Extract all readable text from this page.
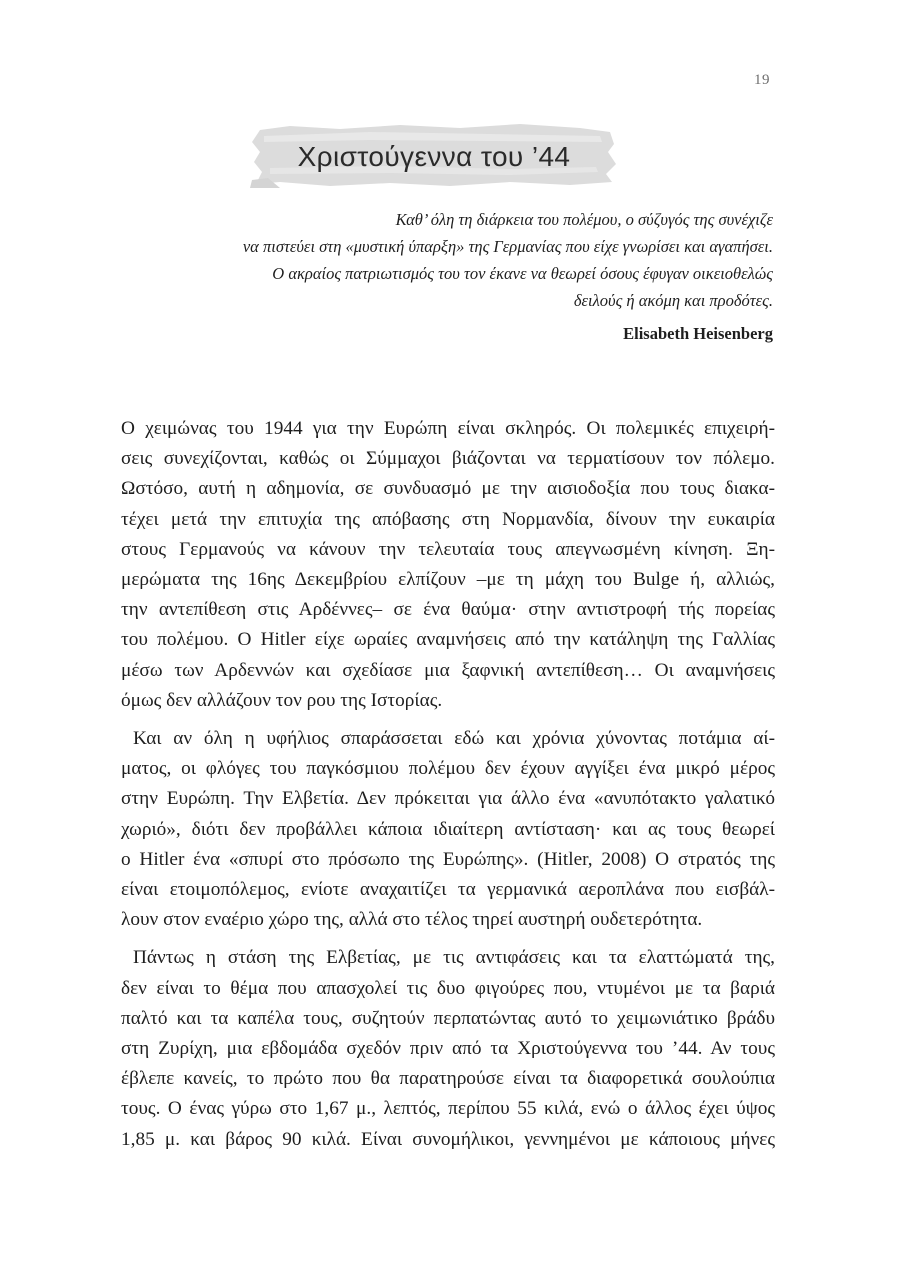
19
Χριστούγεννα του ’44
Καθ’ όλη τη διάρκεια του πολέμου, ο σύζυγός της συνέχιζε
να πιστεύει στη «μυστική ύπαρξη» της Γερμανίας που είχε γνωρίσει και αγαπήσει.
Ο ακραίος πατριωτισμός του τον έκανε να θεωρεί όσους έφυγαν οικειοθελώς
δειλούς ή ακόμη και προδότες.
Elisabeth Heisenberg

Ο χειμώνας του 1944 για την Ευρώπη είναι σκληρός. Οι πολεμικές επιχειρή-
σεις συνεχίζονται, καθώς οι Σύμμαχοι βιάζονται να τερματίσουν τον πόλεμο.
Ωστόσο, αυτή η αδημονία, σε συνδυασμό με την αισιοδοξία που τους διακα-
τέχει μετά την επιτυχία της απόβασης στη Νορμανδία, δίνουν την ευκαιρία
στους Γερμανούς να κάνουν την τελευταία τους απεγνωσμένη κίνηση. Ξη-
μερώματα της 16ης Δεκεμβρίου ελπίζουν –με τη μάχη του Bulge ή, αλλιώς,
την αντεπίθεση στις Αρδέννες– σε ένα θαύμα· στην αντιστροφή τής πορείας
του πολέμου. Ο Hitler είχε ωραίες αναμνήσεις από την κατάληψη της Γαλλίας
μέσω των Αρδεννών και σχεδίασε μια ξαφνική αντεπίθεση… Οι αναμνήσεις
όμως δεν αλλάζουν τον ρου της Ιστορίας.

Και αν όλη η υφήλιος σπαράσσεται εδώ και χρόνια χύνοντας ποτάμια αί-
ματος, οι φλόγες του παγκόσμιου πολέμου δεν έχουν αγγίξει ένα μικρό μέρος
στην Ευρώπη. Την Ελβετία. Δεν πρόκειται για άλλο ένα «ανυπότακτο γαλατικό
χωριό», διότι δεν προβάλλει κάποια ιδιαίτερη αντίσταση· και ας τους θεωρεί
ο Hitler ένα «σπυρί στο πρόσωπο της Ευρώπης». (Hitler, 2008) Ο στρατός της
είναι ετοιμοπόλεμος, ενίοτε αναχαιτίζει τα γερμανικά αεροπλάνα που εισβάλ-
λουν στον εναέριο χώρο της, αλλά στο τέλος τηρεί αυστηρή ουδετερότητα.

Πάντως η στάση της Ελβετίας, με τις αντιφάσεις και τα ελαττώματά της,
δεν είναι το θέμα που απασχολεί τις δυο φιγούρες που, ντυμένοι με τα βαριά
παλτό και τα καπέλα τους, συζητούν περπατώντας αυτό το χειμωνιάτικο βράδυ
στη Ζυρίχη, μια εβδομάδα σχεδόν πριν από τα Χριστούγεννα του ’44. Αν τους
έβλεπε κανείς, το πρώτο που θα παρατηρούσε είναι τα διαφορετικά σουλούπια
τους. Ο ένας γύρω στο 1,67 μ., λεπτός, περίπου 55 κιλά, ενώ ο άλλος έχει ύψος
1,85 μ. και βάρος 90 κιλά. Είναι συνομήλικοι, γεννημένοι με κάποιους μήνες
